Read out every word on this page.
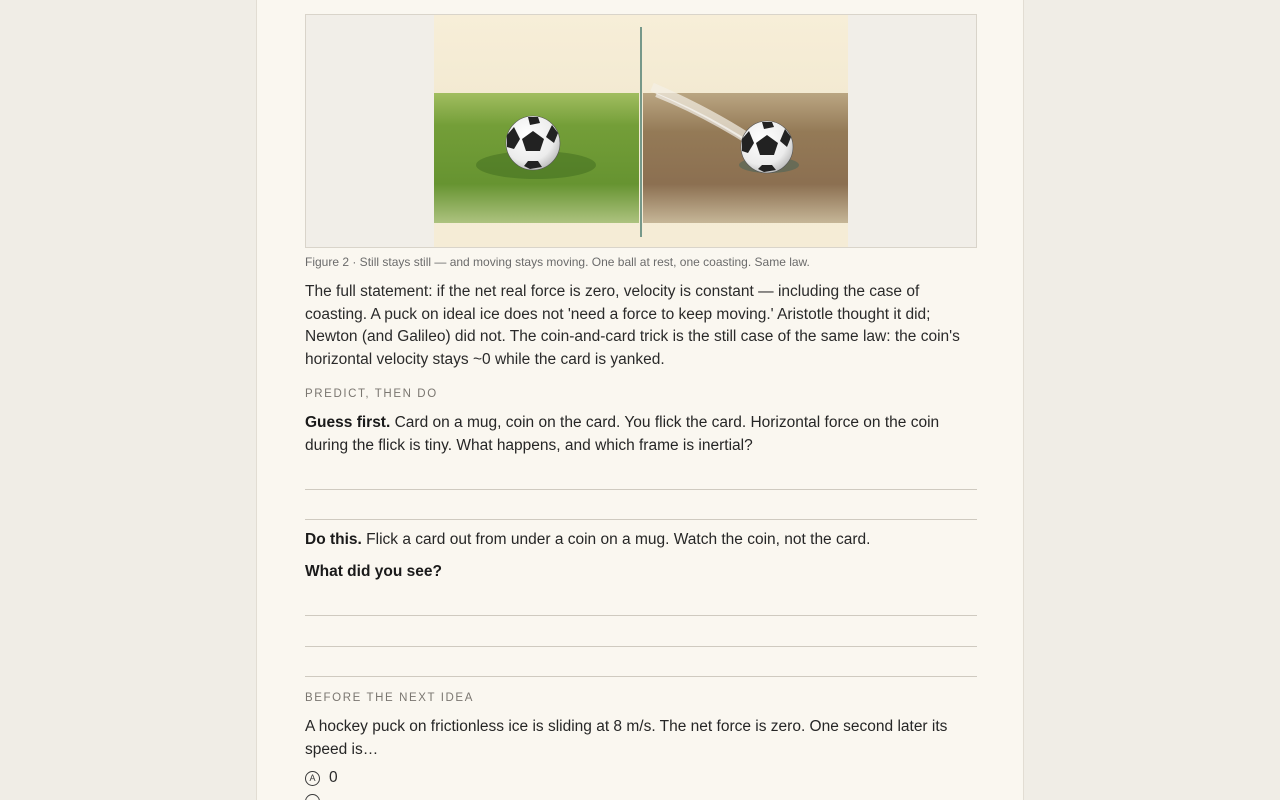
Figure 2 · Still stays still — and moving stays moving. One ball at rest, one coasting. Same law.

The full statement: if the net real force is zero, velocity is constant — including the case of coasting. A puck on ideal ice does not 'need a force to keep moving.' Aristotle thought it did; Newton (and Galileo) did not. The coin-and-card trick is the still case of the same law: the coin's horizontal velocity stays ~0 while the card is yanked.

PREDICT, THEN DO

Guess first. Card on a mug, coin on the card. You flick the card. Horizontal force on the coin during the flick is tiny. What happens, and which frame is inertial?

Do this. Flick a card out from under a coin on a mug. Watch the coin, not the card.

What did you see?

BEFORE THE NEXT IDEA

A hockey puck on frictionless ice is sliding at 8 m/s. The net force is zero. One second later its speed is…

A 0
